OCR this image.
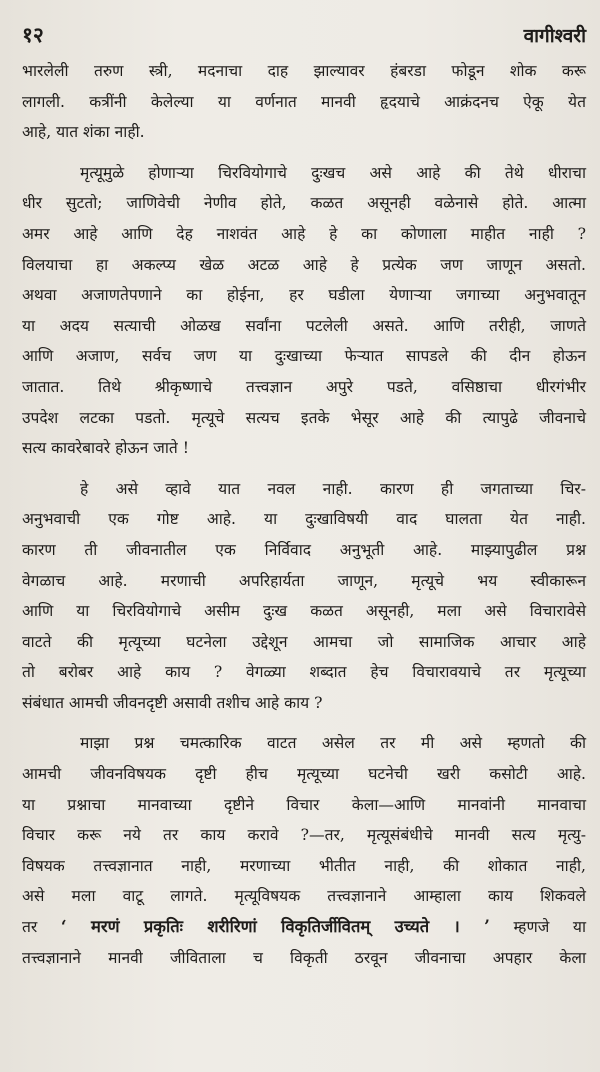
१२	वागीश्वरी

भारलेली तरुण स्त्री, मदनाचा दाह झाल्यावर हंबरडा फोडून शोक करू

लागली. कत्रींनी केलेल्या या वर्णनात मानवी हृदयाचे आक्रंदनच ऐकू येत

आहे, यात शंका नाही.

मृत्यूमुळे होणाऱ्या चिरवियोगाचे दुःखच असे आहे की तेथे धीराचा

धीर सुटतो; जाणिवेची नेणीव होते, कळत असूनही वळेनासे होते. आत्मा

अमर आहे आणि देह नाशवंत आहे हे का कोणाला माहीत नाही ?

विलयाचा हा अकल्प्य खेळ अटळ आहे हे प्रत्येक जण जाणून असतो.

अथवा अजाणतेपणाने का होईना, हर घडीला येणाऱ्या जगाच्या अनुभवातून

या अदय सत्याची ओळख सर्वांना पटलेली असते. आणि तरीही, जाणते

आणि अजाण, सर्वच जण या दुःखाच्या फेऱ्यात सापडले की दीन होऊन

जातात. तिथे श्रीकृष्णाचे तत्त्वज्ञान अपुरे पडते, वसिष्ठाचा धीरगंभीर

उपदेश लटका पडतो. मृत्यूचे सत्यच इतके भेसूर आहे की त्यापुढे जीवनाचे

सत्य कावरेबावरे होऊन जाते !

हे असे व्हावे यात नवल नाही. कारण ही जगताच्या चिर-

अनुभवाची एक गोष्ट आहे. या दुःखाविषयी वाद घालता येत नाही.

कारण ती जीवनातील एक निर्विवाद अनुभूती आहे. माझ्यापुढील प्रश्न

वेगळाच आहे. मरणाची अपरिहार्यता जाणून, मृत्यूचे भय स्वीकारून

आणि या चिरवियोगाचे असीम दुःख कळत असूनही, मला असे विचारावेसे

वाटते की मृत्यूच्या घटनेला उद्देशून आमचा जो सामाजिक आचार आहे

तो बरोबर आहे काय ? वेगळ्या शब्दात हेच विचारावयाचे तर मृत्यूच्या

संबंधात आमची जीवनदृष्टी असावी तशीच आहे काय ?

माझा प्रश्न चमत्कारिक वाटत असेल तर मी असे म्हणतो की

आमची जीवनविषयक दृष्टी हीच मृत्यूच्या घटनेची खरी कसोटी आहे.

या प्रश्नाचा मानवाच्या दृष्टीने विचार केला—आणि मानवांनी मानवाचा

विचार करू नये तर काय करावे ?—तर, मृत्यूसंबंधीचे मानवी सत्य मृत्यु-

विषयक तत्त्वज्ञानात नाही, मरणाच्या भीतीत नाही, की शोकात नाही,

असे मला वाटू लागते. मृत्यूविषयक तत्त्वज्ञानाने आम्हाला काय शिकवले

तर ‘ मरणं प्रकृतिः शरीरिणां विकृतिर्जीवितम् उच्यते । ’ म्हणजे या

तत्त्वज्ञानाने मानवी जीविताला च विकृती ठरवून जीवनाचा अपहार केला
